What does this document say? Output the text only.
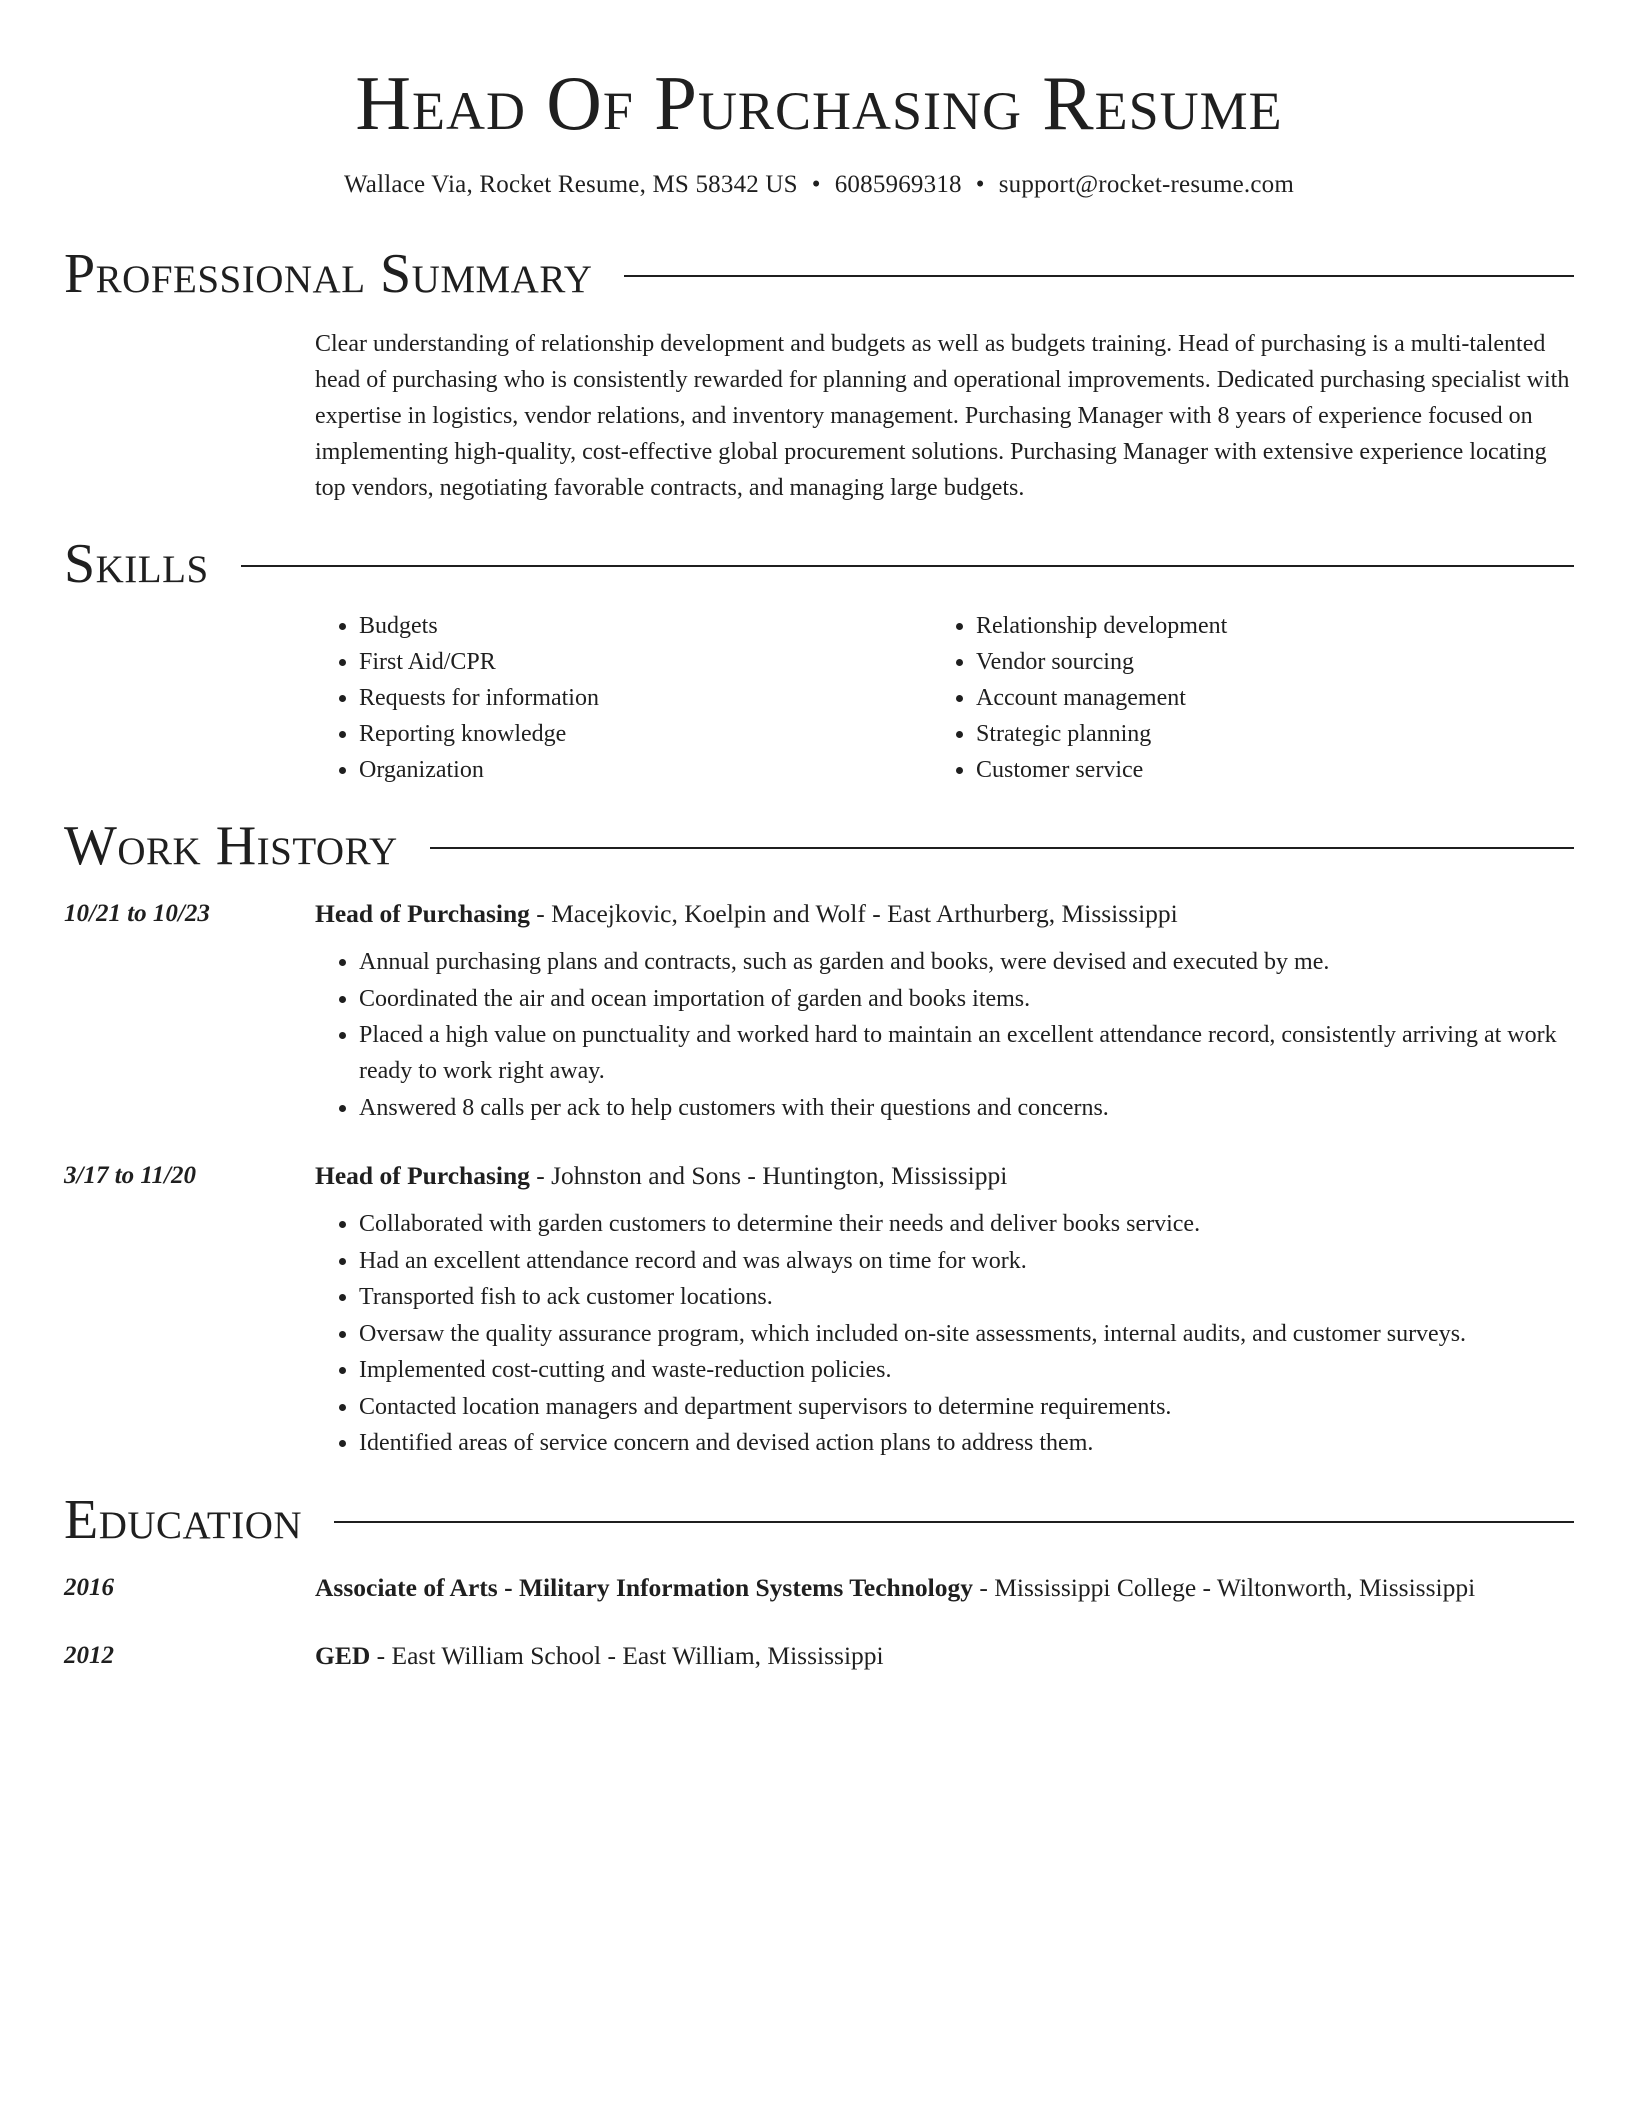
Head Of Purchasing Resume
Wallace Via, Rocket Resume, MS 58342 US • 6085969318 • support@rocket-resume.com
Professional Summary

Clear understanding of relationship development and budgets as well as budgets training. Head of purchasing is a multi-talented head of purchasing who is consistently rewarded for planning and operational improvements. Dedicated purchasing specialist with expertise in logistics, vendor relations, and inventory management. Purchasing Manager with 8 years of experience focused on implementing high-quality, cost-effective global procurement solutions. Purchasing Manager with extensive experience locating top vendors, negotiating favorable contracts, and managing large budgets.

Skills
• Budgets
• First Aid/CPR
• Requests for information
• Reporting knowledge
• Organization
• Relationship development
• Vendor sourcing
• Account management
• Strategic planning
• Customer service
Work History
10/21 to 10/23	Head of Purchasing - Macejkovic, Koelpin and Wolf - East Arthurberg, Mississippi
• Annual purchasing plans and contracts, such as garden and books, were devised and executed by me.
• Coordinated the air and ocean importation of garden and books items.
• Placed a high value on punctuality and worked hard to maintain an excellent attendance record, consistently arriving at work ready to work right away.
• Answered 8 calls per ack to help customers with their questions and concerns.
3/17 to 11/20	Head of Purchasing - Johnston and Sons - Huntington, Mississippi
• Collaborated with garden customers to determine their needs and deliver books service.
• Had an excellent attendance record and was always on time for work.
• Transported fish to ack customer locations.
• Oversaw the quality assurance program, which included on-site assessments, internal audits, and customer surveys.
• Implemented cost-cutting and waste-reduction policies.
• Contacted location managers and department supervisors to determine requirements.
• Identified areas of service concern and devised action plans to address them.
Education
2016	Associate of Arts - Military Information Systems Technology - Mississippi College - Wiltonworth, Mississippi
2012	GED - East William School - East William, Mississippi
